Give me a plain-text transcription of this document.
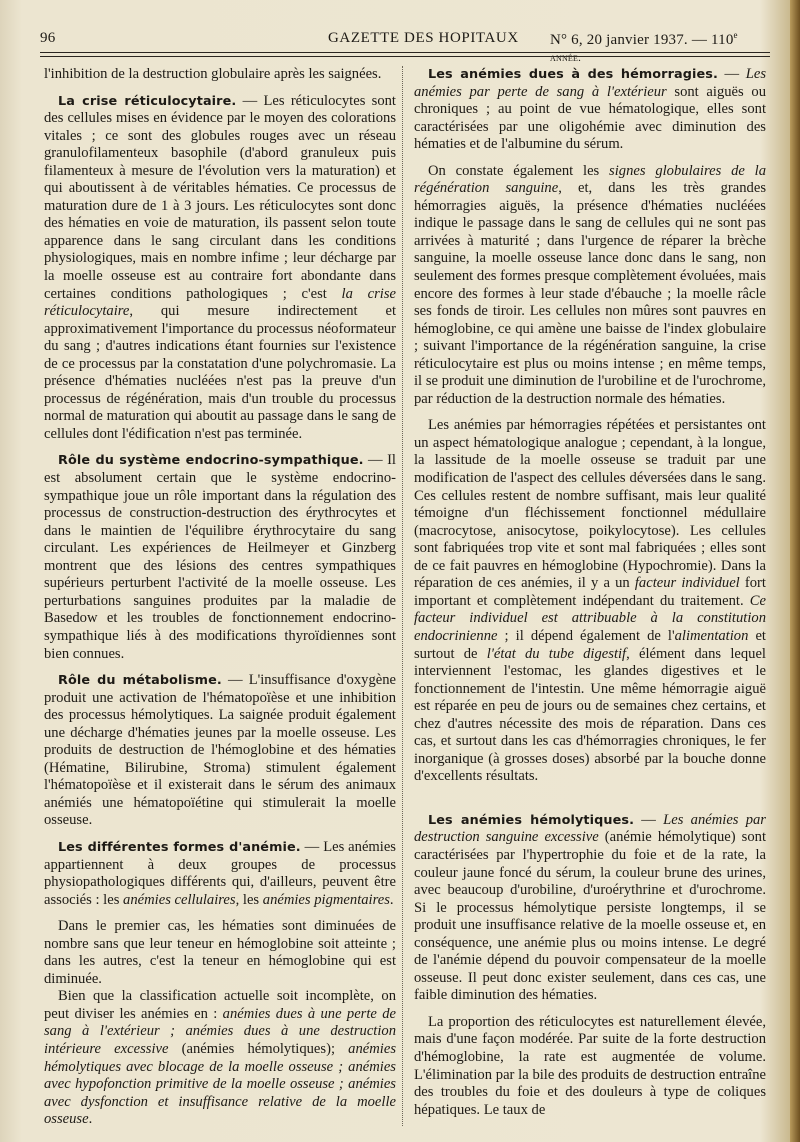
96	GAZETTE DES HOPITAUX N° 6, 20 janvier 1937. — 110e année.

l'inhibition de la destruction globulaire après les saignées.

La crise réticulocytaire. — Les réticulocytes sont des cellules mises en évidence par le moyen des colorations vitales ; ce sont des globules rouges avec un réseau granulofilamenteux basophile (d'abord granuleux puis filamenteux à mesure de l'évolution vers la maturation) et qui aboutissent à de véritables hématies. Ce processus de maturation dure de 1 à 3 jours. Les réticulocytes sont donc des hématies en voie de maturation, ils passent selon toute apparence dans le sang circulant dans les conditions physiologiques, mais en nombre infime ; leur décharge par la moelle osseuse est au contraire fort abondante dans certaines conditions pathologiques ; c'est la crise réticulocytaire, qui mesure indirectement et approximativement l'importance du processus néoformateur du sang ; d'autres indications étant fournies sur l'existence de ce processus par la constatation d'une polychromasie. La présence d'hématies nucléées n'est pas la preuve d'un processus de régénération, mais d'un trouble du processus normal de maturation qui aboutit au passage dans le sang de cellules dont l'édification n'est pas terminée.

Rôle du système endocrino-sympathique. — Il est absolument certain que le système endocrino-sympathique joue un rôle important dans la régulation des processus de construction-destruction des érythrocytes et dans le maintien de l'équilibre érythrocytaire du sang circulant. Les expériences de Heilmeyer et Ginzberg montrent que des lésions des centres sympathiques supérieurs perturbent l'activité de la moelle osseuse. Les perturbations sanguines produites par la maladie de Basedow et les troubles de fonctionnement endocrino-sympathique liés à des modifications thyroïdiennes sont bien connues.

Rôle du métabolisme. — L'insuffisance d'oxygène produit une activation de l'hématopoïèse et une inhibition des processus hémolytiques. La saignée produit également une décharge d'hématies jeunes par la moelle osseuse. Les produits de destruction de l'hémoglobine et des hématies (Hématine, Bilirubine, Stroma) stimulent également l'hématopoïèse et il existerait dans le sérum des animaux anémiés une hématopoïétine qui stimulerait la moelle osseuse.

Les différentes formes d'anémie. — Les anémies appartiennent à deux groupes de processus physiopathologiques différents qui, d'ailleurs, peuvent être associés : les anémies cellulaires, les anémies pigmentaires.

Dans le premier cas, les hématies sont diminuées de nombre sans que leur teneur en hémoglobine soit atteinte ; dans les autres, c'est la teneur en hémoglobine qui est diminuée.

Bien que la classification actuelle soit incomplète, on peut diviser les anémies en : anémies dues à une perte de sang à l'extérieur ; anémies dues à une destruction intérieure excessive (anémies hémolytiques); anémies hémolytiques avec blocage de la moelle osseuse ; anémies avec hypofonction primitive de la moelle osseuse ; anémies avec dysfonction et insuffisance relative de la moelle osseuse.

Les anémies dues à des hémorragies. — Les anémies par perte de sang à l'extérieur sont aiguës ou chroniques ; au point de vue hématologique, elles sont caractérisées par une oligohémie avec diminution des hématies et de l'albumine du sérum.

On constate également les signes globulaires de la régénération sanguine, et, dans les très grandes hémorragies aiguës, la présence d'hématies nucléées indique le passage dans le sang de cellules qui ne sont pas arrivées à maturité ; dans l'urgence de réparer la brèche sanguine, la moelle osseuse lance donc dans le sang, non seulement des formes presque complètement évoluées, mais encore des formes à leur stade d'ébauche ; la moelle râcle ses fonds de tiroir. Les cellules non mûres sont pauvres en hémoglobine, ce qui amène une baisse de l'index globulaire ; suivant l'importance de la régénération sanguine, la crise réticulocytaire est plus ou moins intense ; en même temps, il se produit une diminution de l'urobiline et de l'urochrome, par réduction de la destruction normale des hématies.

Les anémies par hémorragies répétées et persistantes ont un aspect hématologique analogue ; cependant, à la longue, la lassitude de la moelle osseuse se traduit par une modification de l'aspect des cellules déversées dans le sang. Ces cellules restent de nombre suffisant, mais leur qualité témoigne d'un fléchissement fonctionnel médullaire (macrocytose, anisocytose, poikylocytose). Les cellules sont fabriquées trop vite et sont mal fabriquées ; elles sont de ce fait pauvres en hémoglobine (Hypochromie). Dans la réparation de ces anémies, il y a un facteur individuel fort important et complètement indépendant du traitement. Ce facteur individuel est attribuable à la constitution endocrinienne ; il dépend également de l'alimentation et surtout de l'état du tube digestif, élément dans lequel interviennent l'estomac, les glandes digestives et le fonctionnement de l'intestin. Une même hémorragie aiguë est réparée en peu de jours ou de semaines chez certains, et chez d'autres nécessite des mois de réparation. Dans ces cas, et surtout dans les cas d'hémorragies chroniques, le fer inorganique (à grosses doses) absorbé par la bouche donne d'excellents résultats.

Les anémies hémolytiques. — Les anémies par destruction sanguine excessive (anémie hémolytique) sont caractérisées par l'hypertrophie du foie et de la rate, la couleur jaune foncé du sérum, la couleur brune des urines, avec beaucoup d'urobiline, d'uroérythrine et d'urochrome. Si le processus hémolytique persiste longtemps, il se produit une insuffisance relative de la moelle osseuse et, en conséquence, une anémie plus ou moins intense. Le degré de l'anémie dépend du pouvoir compensateur de la moelle osseuse. Il peut donc exister seulement, dans ces cas, une faible diminution des hématies.

La proportion des réticulocytes est naturellement élevée, mais d'une façon modérée. Par suite de la forte destruction d'hémoglobine, la rate est augmentée de volume. L'élimination par la bile des produits de destruction entraîne des troubles du foie et des douleurs à type de coliques hépatiques. Le taux de
